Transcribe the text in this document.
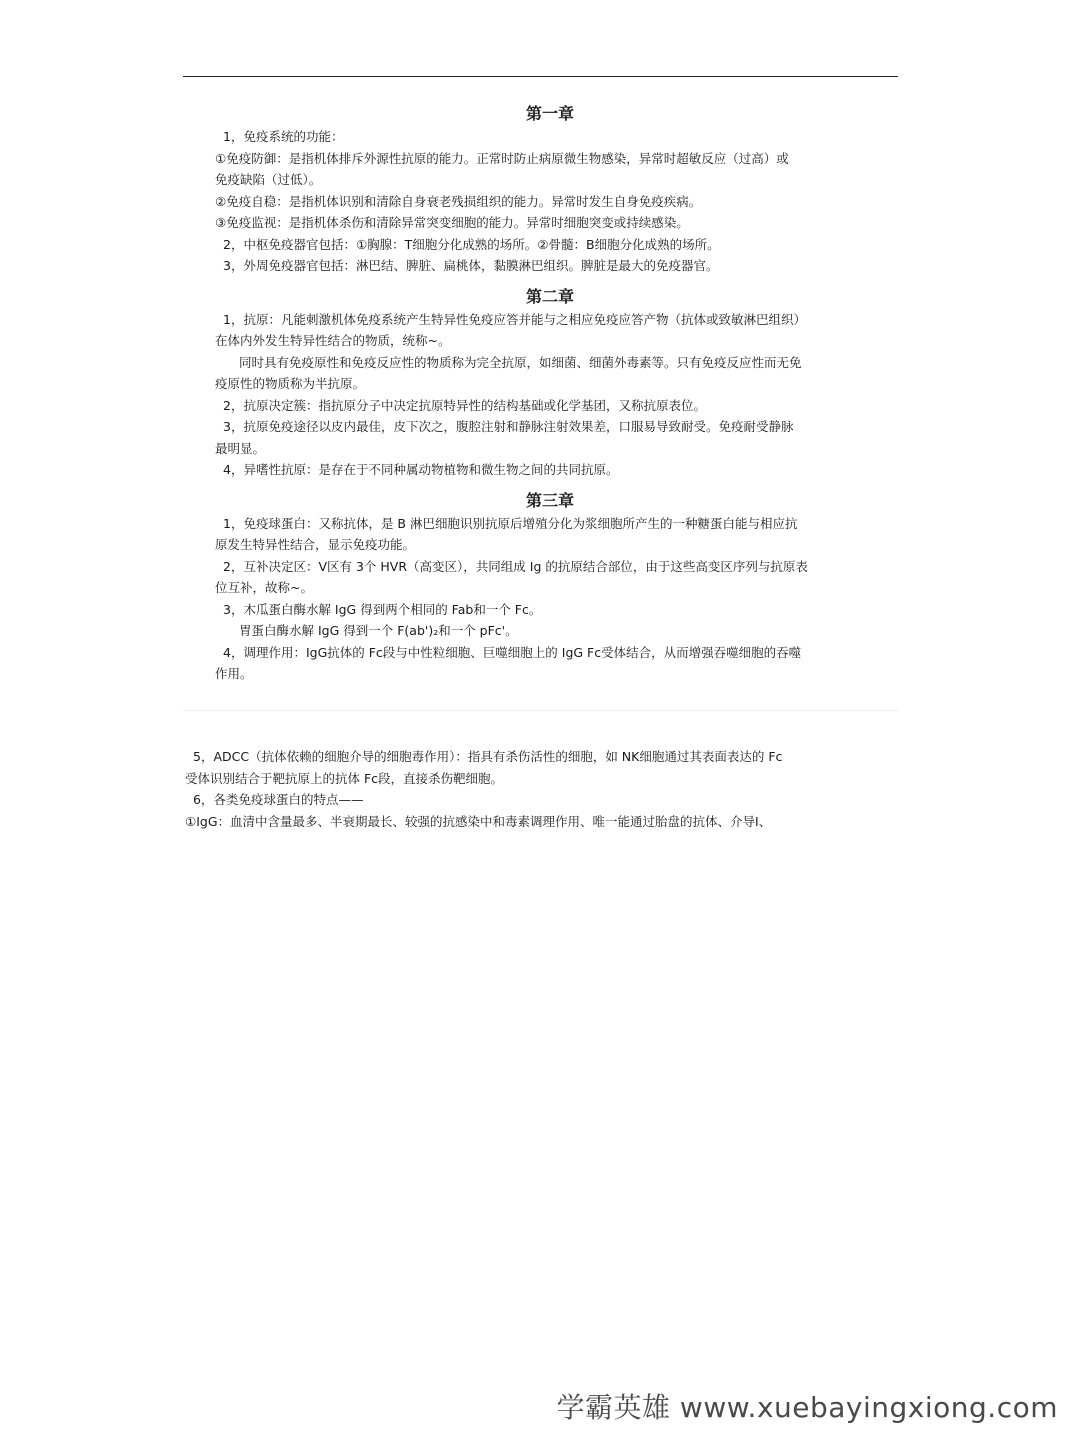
第一章

1，免疫系统的功能：

①免疫防御：是指机体排斥外源性抗原的能力。正常时防止病原微生物感染，异常时超敏反应（过高）或

免疫缺陷（过低）。

②免疫自稳：是指机体识别和清除自身衰老残损组织的能力。异常时发生自身免疫疾病。

③免疫监视：是指机体杀伤和清除异常突变细胞的能力。异常时细胞突变或持续感染。

2，中枢免疫器官包括：①胸腺：T细胞分化成熟的场所。②骨髓：B细胞分化成熟的场所。

3，外周免疫器官包括：淋巴结、脾脏、扁桃体，黏膜淋巴组织。脾脏是最大的免疫器官。

第二章

1，抗原：凡能刺激机体免疫系统产生特异性免疫应答并能与之相应免疫应答产物（抗体或致敏淋巴组织）

在体内外发生特异性结合的物质，统称~。

同时具有免疫原性和免疫反应性的物质称为完全抗原，如细菌、细菌外毒素等。只有免疫反应性而无免

疫原性的物质称为半抗原。

2，抗原决定簇：指抗原分子中决定抗原特异性的结构基础或化学基团，又称抗原表位。

3，抗原免疫途径以皮内最佳，皮下次之，腹腔注射和静脉注射效果差，口服易导致耐受。免疫耐受静脉

最明显。

4，异嗜性抗原：是存在于不同种属动物植物和微生物之间的共同抗原。

第三章

1，免疫球蛋白：又称抗体，是 B 淋巴细胞识别抗原后增殖分化为浆细胞所产生的一种糖蛋白能与相应抗

原发生特异性结合，显示免疫功能。

2，互补决定区：V区有 3个 HVR（高变区），共同组成 Ig 的抗原结合部位，由于这些高变区序列与抗原表

位互补，故称~。

3，木瓜蛋白酶水解 IgG 得到两个相同的 Fab和一个 Fc。

胃蛋白酶水解 IgG 得到一个 F(ab')₂和一个 pFc'。

4，调理作用：IgG抗体的 Fc段与中性粒细胞、巨噬细胞上的 IgG Fc受体结合，从而增强吞噬细胞的吞噬

作用。

5，ADCC（抗体依赖的细胞介导的细胞毒作用）：指具有杀伤活性的细胞，如 NK细胞通过其表面表达的 Fc

受体识别结合于靶抗原上的抗体 Fc段，直接杀伤靶细胞。

6，各类免疫球蛋白的特点——

①IgG：血清中含量最多、半衰期最长、较强的抗感染中和毒素调理作用、唯一能通过胎盘的抗体、介导Ⅰ、

学霸英雄 www.xuebayingxiong.com
